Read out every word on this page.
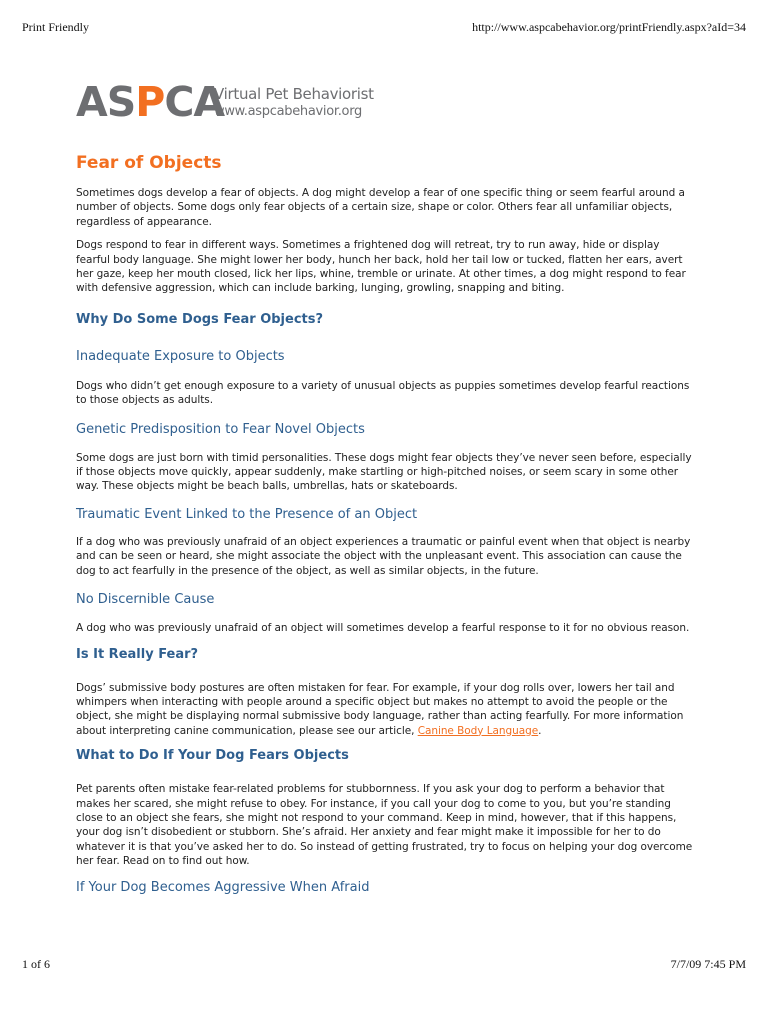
Print Friendly	http://www.aspcabehavior.org/printFriendly.aspx?aId=34
ASPCA
Virtual Pet Behaviorist
www.aspcabehavior.org
Fear of Objects

Sometimes dogs develop a fear of objects. A dog might develop a fear of one specific thing or seem fearful around a number of objects. Some dogs only fear objects of a certain size, shape or color. Others fear all unfamiliar objects, regardless of appearance.

Dogs respond to fear in different ways. Sometimes a frightened dog will retreat, try to run away, hide or display fearful body language. She might lower her body, hunch her back, hold her tail low or tucked, flatten her ears, avert her gaze, keep her mouth closed, lick her lips, whine, tremble or urinate. At other times, a dog might respond to fear with defensive aggression, which can include barking, lunging, growling, snapping and biting.

Why Do Some Dogs Fear Objects?
Inadequate Exposure to Objects

Dogs who didn’t get enough exposure to a variety of unusual objects as puppies sometimes develop fearful reactions to those objects as adults.

Genetic Predisposition to Fear Novel Objects

Some dogs are just born with timid personalities. These dogs might fear objects they’ve never seen before, especially if those objects move quickly, appear suddenly, make startling or high-pitched noises, or seem scary in some other way. These objects might be beach balls, umbrellas, hats or skateboards.

Traumatic Event Linked to the Presence of an Object

If a dog who was previously unafraid of an object experiences a traumatic or painful event when that object is nearby and can be seen or heard, she might associate the object with the unpleasant event. This association can cause the dog to act fearfully in the presence of the object, as well as similar objects, in the future.

No Discernible Cause

A dog who was previously unafraid of an object will sometimes develop a fearful response to it for no obvious reason.

Is It Really Fear?

Dogs’ submissive body postures are often mistaken for fear. For example, if your dog rolls over, lowers her tail and whimpers when interacting with people around a specific object but makes no attempt to avoid the people or the object, she might be displaying normal submissive body language, rather than acting fearfully. For more information about interpreting canine communication, please see our article, Canine Body Language.

What to Do If Your Dog Fears Objects

Pet parents often mistake fear-related problems for stubbornness. If you ask your dog to perform a behavior that makes her scared, she might refuse to obey. For instance, if you call your dog to come to you, but you’re standing close to an object she fears, she might not respond to your command. Keep in mind, however, that if this happens, your dog isn’t disobedient or stubborn. She’s afraid. Her anxiety and fear might make it impossible for her to do whatever it is that you’ve asked her to do. So instead of getting frustrated, try to focus on helping your dog overcome her fear. Read on to find out how.

If Your Dog Becomes Aggressive When Afraid
1 of 6	7/7/09 7:45 PM
